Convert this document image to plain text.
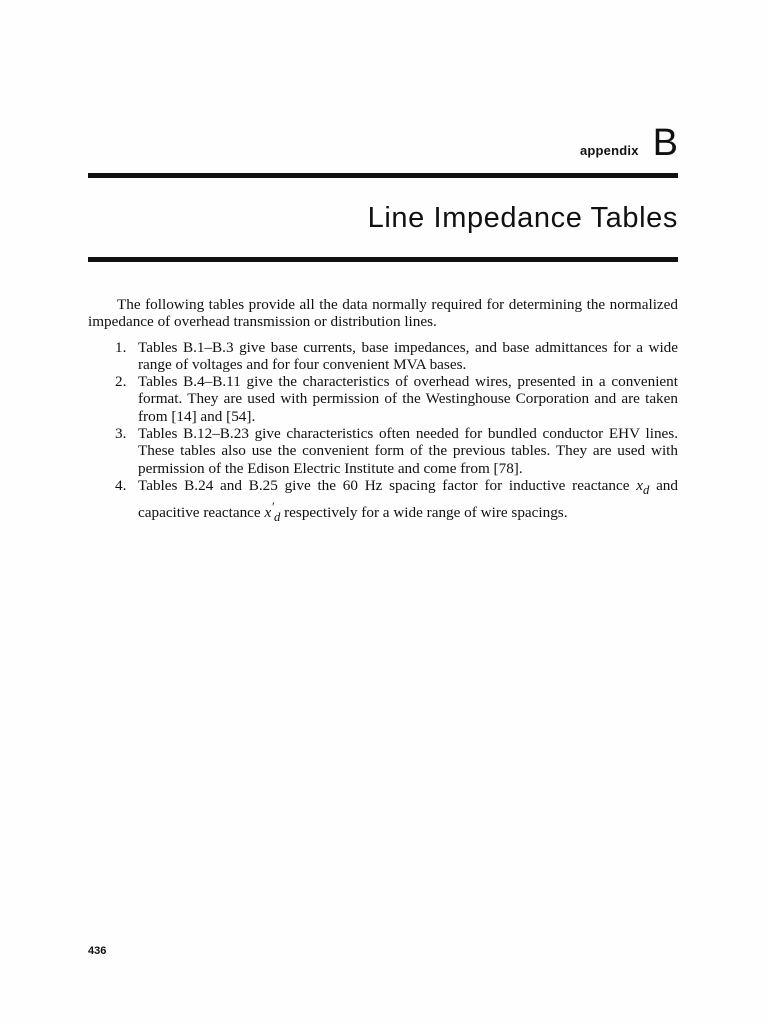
appendix B
Line Impedance Tables

The following tables provide all the data normally required for determining the normalized impedance of overhead transmission or distribution lines.

1. Tables B.1–B.3 give base currents, base impedances, and base admittances for a wide range of voltages and for four convenient MVA bases.
2. Tables B.4–B.11 give the characteristics of overhead wires, presented in a convenient format. They are used with permission of the Westinghouse Corporation and are taken from [14] and [54].
3. Tables B.12–B.23 give characteristics often needed for bundled conductor EHV lines. These tables also use the convenient form of the previous tables. They are used with permission of the Edison Electric Institute and come from [78].
4. Tables B.24 and B.25 give the 60 Hz spacing factor for inductive reactance $x_d$ and capacitive reactance $x'_d$ respectively for a wide range of wire spacings.
436
